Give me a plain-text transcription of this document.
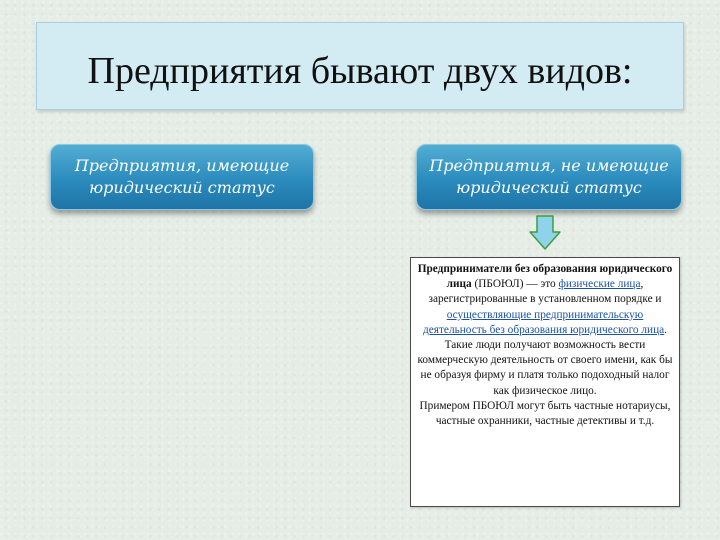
Предприятия бывают двух видов:
Предприятия, имеющие
юридический статус
Предприятия, не имеющие
юридический статус
Предприниматели без образования юридического лица (ПБОЮЛ) — это физические лица, зарегистрированные в установленном порядке и осуществляющие предпринимательскую деятельность без образования юридического лица. Такие люди получают возможность вести коммерческую деятельность от своего имени, как бы не образуя фирму и платя только подоходный налог как физическое лицо.
Примером ПБОЮЛ могут быть частные нотариусы, частные охранники, частные детективы и т.д.
